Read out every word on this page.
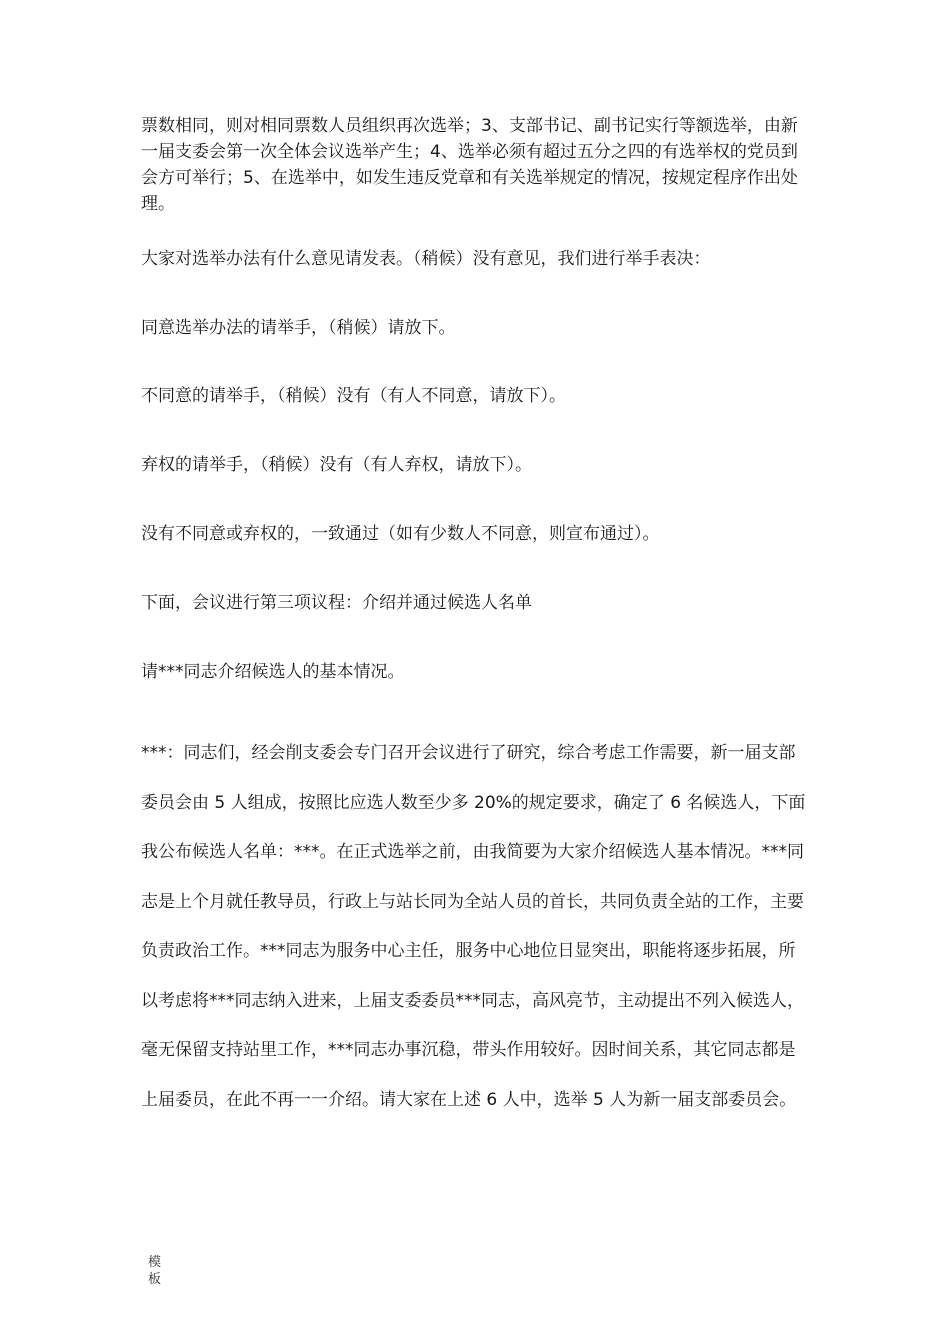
票数相同，则对相同票数人员组织再次选举；3、支部书记、副书记实行等额选举，由新一届支委会第一次全体会议选举产生；4、选举必须有超过五分之四的有选举权的党员到会方可举行；5、在选举中，如发生违反党章和有关选举规定的情况，按规定程序作出处理。

大家对选举办法有什么意见请发表。（稍候）没有意见，我们进行举手表决：

同意选举办法的请举手，（稍候）请放下。

不同意的请举手，（稍候）没有（有人不同意，请放下）。

弃权的请举手，（稍候）没有（有人弃权，请放下）。

没有不同意或弃权的，一致通过（如有少数人不同意，则宣布通过）。

下面，会议进行第三项议程：介绍并通过候选人名单

请***同志介绍候选人的基本情况。

***：同志们，经会削支委会专门召开会议进行了研究，综合考虑工作需要，新一届支部委员会由 5 人组成，按照比应选人数至少多 20%的规定要求，确定了 6 名候选人，下面我公布候选人名单：***。在正式选举之前，由我简要为大家介绍候选人基本情况。***同志是上个月就任教导员，行政上与站长同为全站人员的首长，共同负责全站的工作，主要负责政治工作。***同志为服务中心主任，服务中心地位日显突出，职能将逐步拓展，所以考虑将***同志纳入进来，上届支委委员***同志，高风亮节，主动提出不列入候选人，毫无保留支持站里工作，***同志办事沉稳，带头作用较好。因时间关系，其它同志都是上届委员，在此不再一一介绍。请大家在上述 6 人中，选举 5 人为新一届支部委员会。

模板
